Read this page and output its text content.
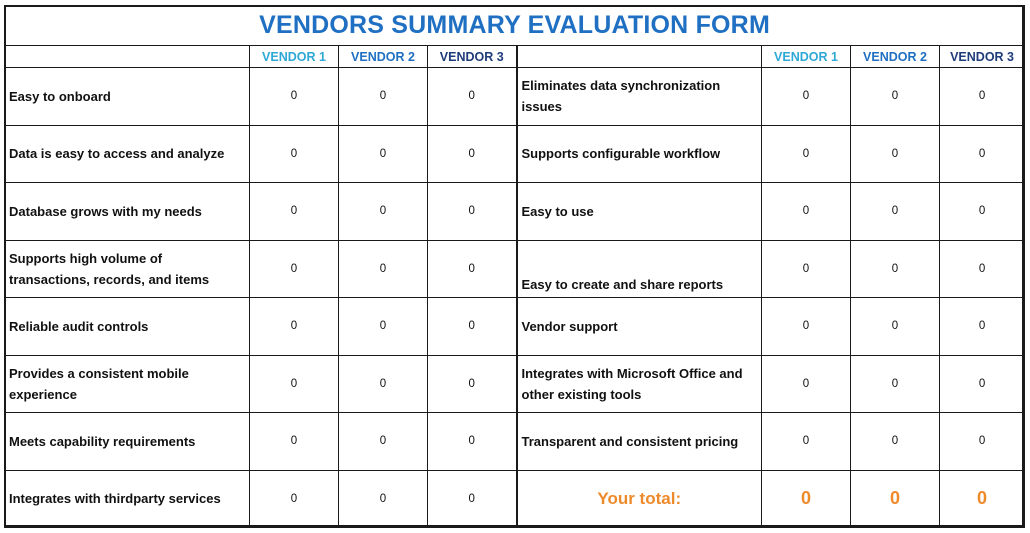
VENDORS SUMMARY EVALUATION FORM							
	VENDOR 1	VENDOR 2	VENDOR 3		VENDOR 1	VENDOR 2	VENDOR 3
Easy to onboard	0	0	0	Eliminates data synchronization issues	0	0	0
Data is easy to access and analyze	0	0	0	Supports configurable workflow	0	0	0
Database grows with my needs	0	0	0	Easy to use	0	0	0
Supports high volume of transactions, records, and items	0	0	0	Easy to create and share reports	0	0	0
Reliable audit controls	0	0	0	Vendor support	0	0	0
Provides a consistent mobile experience	0	0	0	Integrates with Microsoft Office and other existing tools	0	0	0
Meets capability requirements	0	0	0	Transparent and consistent pricing	0	0	0
Integrates with thirdparty services	0	0	0	Your total:	0	0	0
